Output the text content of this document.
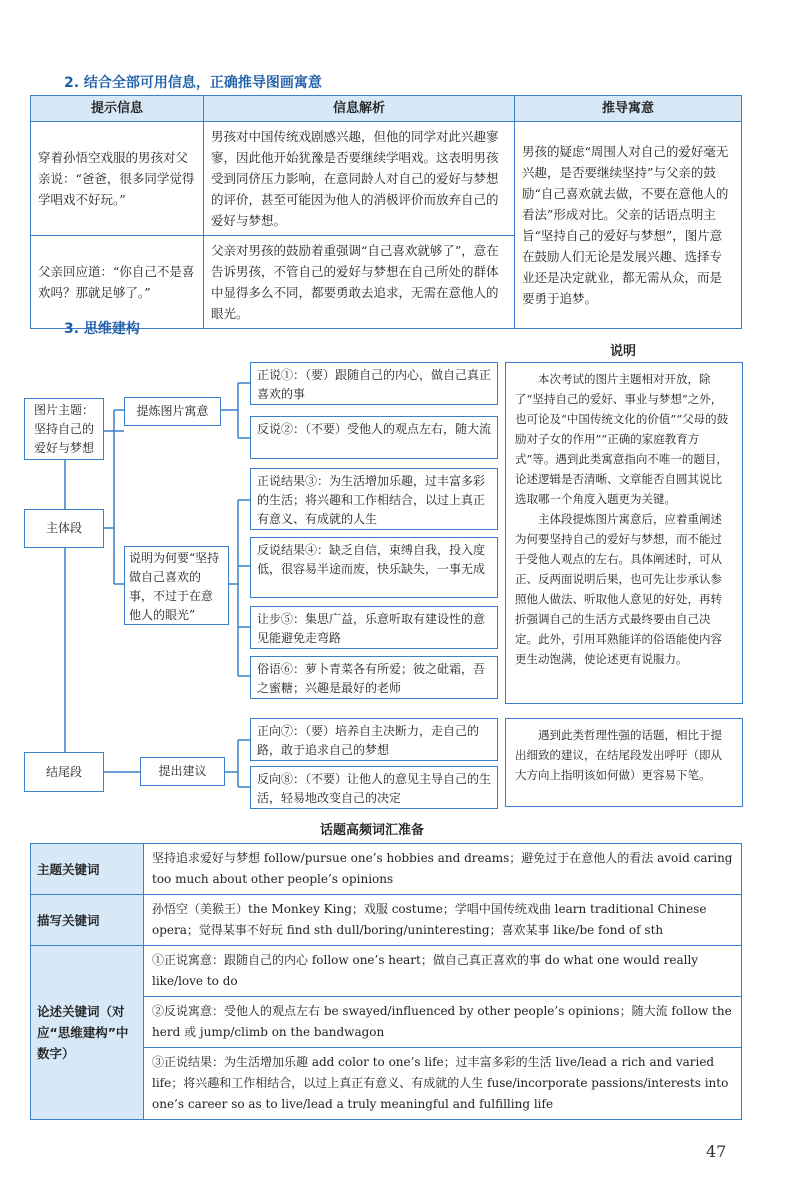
2. 结合全部可用信息，正确推导图画寓意
提示信息	信息解析	推导寓意
穿着孙悟空戏服的男孩对父亲说：“爸爸，很多同学觉得学唱戏不好玩。”	男孩对中国传统戏剧感兴趣，但他的同学对此兴趣寥寥，因此他开始犹豫是否要继续学唱戏。这表明男孩受到同侪压力影响，在意同龄人对自己的爱好与梦想的评价，甚至可能因为他人的消极评价而放弃自己的爱好与梦想。	男孩的疑虑“周围人对自己的爱好毫无兴趣，是否要继续坚持”与父亲的鼓励“自己喜欢就去做，不要在意他人的看法”形成对比。父亲的话语点明主旨“坚持自己的爱好与梦想”，图片意在鼓励人们无论是发展兴趣、选择专业还是决定就业，都无需从众，而是要勇于追梦。
父亲回应道：“你自己不是喜欢吗？那就足够了。”	父亲对男孩的鼓励着重强调“自己喜欢就够了”，意在告诉男孩，不管自己的爱好与梦想在自己所处的群体中显得多么不同，都要勇敢去追求，无需在意他人的眼光。	
3. 思维建构
说明
图片主题：坚持自己的爱好与梦想
主体段
提炼图片寓意
正说①：（要）跟随自己的内心，做自己真正喜欢的事
反说②：（不要）受他人的观点左右，随大流
说明为何要“坚持做自己喜欢的事，不过于在意他人的眼光”
正说结果③：为生活增加乐趣，过丰富多彩的生活；将兴趣和工作相结合，以过上真正有意义、有成就的人生
反说结果④：缺乏自信，束缚自我，投入度低，很容易半途而废，快乐缺失，一事无成
让步⑤：集思广益，乐意听取有建设性的意见能避免走弯路
俗语⑥：萝卜青菜各有所爱；彼之砒霜，吾之蜜糖；兴趣是最好的老师
结尾段	提出建议
正向⑦：（要）培养自主决断力，走自己的路，敢于追求自己的梦想
反向⑧：（不要）让他人的意见主导自己的生活，轻易地改变自己的决定

本次考试的图片主题相对开放，除了“坚持自己的爱好、事业与梦想”之外，也可论及“中国传统文化的价值”“父母的鼓励对子女的作用”“正确的家庭教育方式”等。遇到此类寓意指向不唯一的题目，论述逻辑是否清晰、文章能否自圆其说比选取哪一个角度入题更为关键。

主体段提炼图片寓意后，应着重阐述为何要坚持自己的爱好与梦想，而不能过于受他人观点的左右。具体阐述时，可从正、反两面说明后果，也可先让步承认参照他人做法、听取他人意见的好处，再转折强调自己的生活方式最终要由自己决定。此外，引用耳熟能详的俗语能使内容更生动饱满，使论述更有说服力。

遇到此类哲理性强的话题，相比于提出细致的建议，在结尾段发出呼吁（即从大方向上指明该如何做）更容易下笔。
话题高频词汇准备
主题关键词	坚持追求爱好与梦想 follow/pursue one’s hobbies and dreams；避免过于在意他人的看法 avoid caring too much about other people’s opinions
描写关键词	孙悟空（美猴王）the Monkey King；戏服 costume；学唱中国传统戏曲 learn traditional Chinese opera；觉得某事不好玩 find sth dull/boring/uninteresting；喜欢某事 like/be fond of sth
论述关键词（对应“思维建构”中数字）	①正说寓意：跟随自己的内心 follow one’s heart；做自己真正喜欢的事 do what one would really like/love to do
	②反说寓意：受他人的观点左右 be swayed/influenced by other people’s opinions；随大流 follow the herd 或 jump/climb on the bandwagon
	③正说结果：为生活增加乐趣 add color to one’s life；过丰富多彩的生活 live/lead a rich and varied life；将兴趣和工作相结合，以过上真正有意义、有成就的人生 fuse/incorporate passions/interests into one’s career so as to live/lead a truly meaningful and fulfilling life
47
